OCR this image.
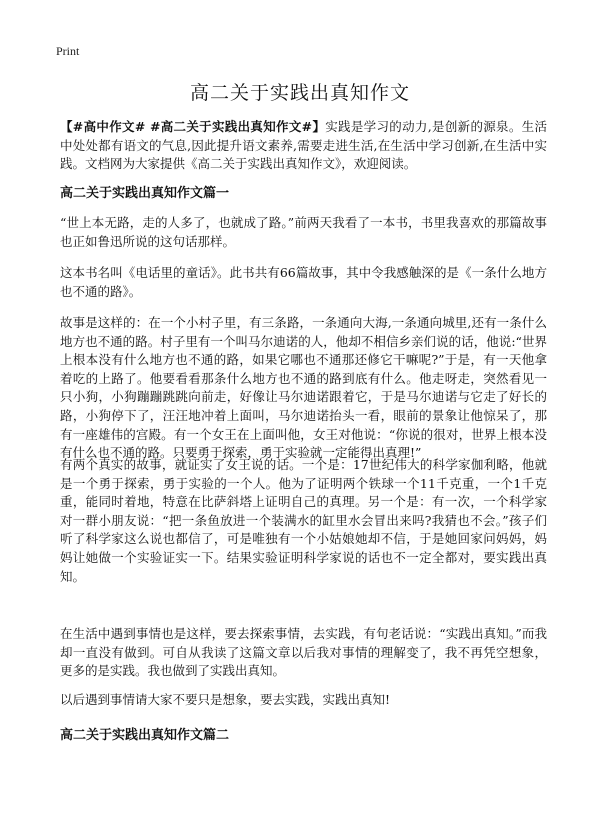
Print
高二关于实践出真知作文
【#高中作文# #高二关于实践出真知作文#】实践是学习的动力,是创新的源泉。生活中处处都有语文的气息,因此提升语文素养,需要走进生活,在生活中学习创新,在生活中实践。文档网为大家提供《高二关于实践出真知作文》，欢迎阅读。
高二关于实践出真知作文篇一
“世上本无路，走的人多了，也就成了路。”前两天我看了一本书，书里我喜欢的那篇故事也正如鲁迅所说的这句话那样。
这本书名叫《电话里的童话》。此书共有66篇故事，其中令我感触深的是《一条什么地方也不通的路》。
故事是这样的：在一个小村子里，有三条路，一条通向大海,一条通向城里,还有一条什么地方也不通的路。村子里有一个叫马尔迪诺的人，他却不相信乡亲们说的话，他说:“世界上根本没有什么地方也不通的路，如果它哪也不通那还修它干嘛呢?”于是，有一天他拿着吃的上路了。他要看看那条什么地方也不通的路到底有什么。他走呀走，突然看见一只小狗，小狗蹦蹦跳跳向前走，好像让马尔迪诺跟着它，于是马尔迪诺与它走了好长的路，小狗停下了，汪汪地冲着上面叫，马尔迪诺抬头一看，眼前的景象让他惊呆了，那有一座雄伟的宫殿。有一个女王在上面叫他，女王对他说：“你说的很对，世界上根本没有什么也不通的路。只要勇于探索，勇于实验就一定能得出真理!”
有两个真实的故事，就证实了女王说的话。一个是：17世纪伟大的科学家伽利略，他就是一个勇于探索，勇于实验的一个人。他为了证明两个铁球一个11千克重，一个1千克重，能同时着地，特意在比萨斜塔上证明自己的真理。另一个是：有一次，一个科学家对一群小朋友说：“把一条鱼放进一个装满水的缸里水会冒出来吗?我猜也不会。”孩子们听了科学家这么说也都信了，可是唯独有一个小姑娘她却不信，于是她回家问妈妈，妈妈让她做一个实验证实一下。结果实验证明科学家说的话也不一定全都对，要实践出真知。
在生活中遇到事情也是这样，要去探索事情，去实践，有句老话说：“实践出真知。”而我却一直没有做到。可自从我读了这篇文章以后我对事情的理解变了，我不再凭空想象，更多的是实践。我也做到了实践出真知。
以后遇到事情请大家不要只是想象，要去实践，实践出真知!
高二关于实践出真知作文篇二
